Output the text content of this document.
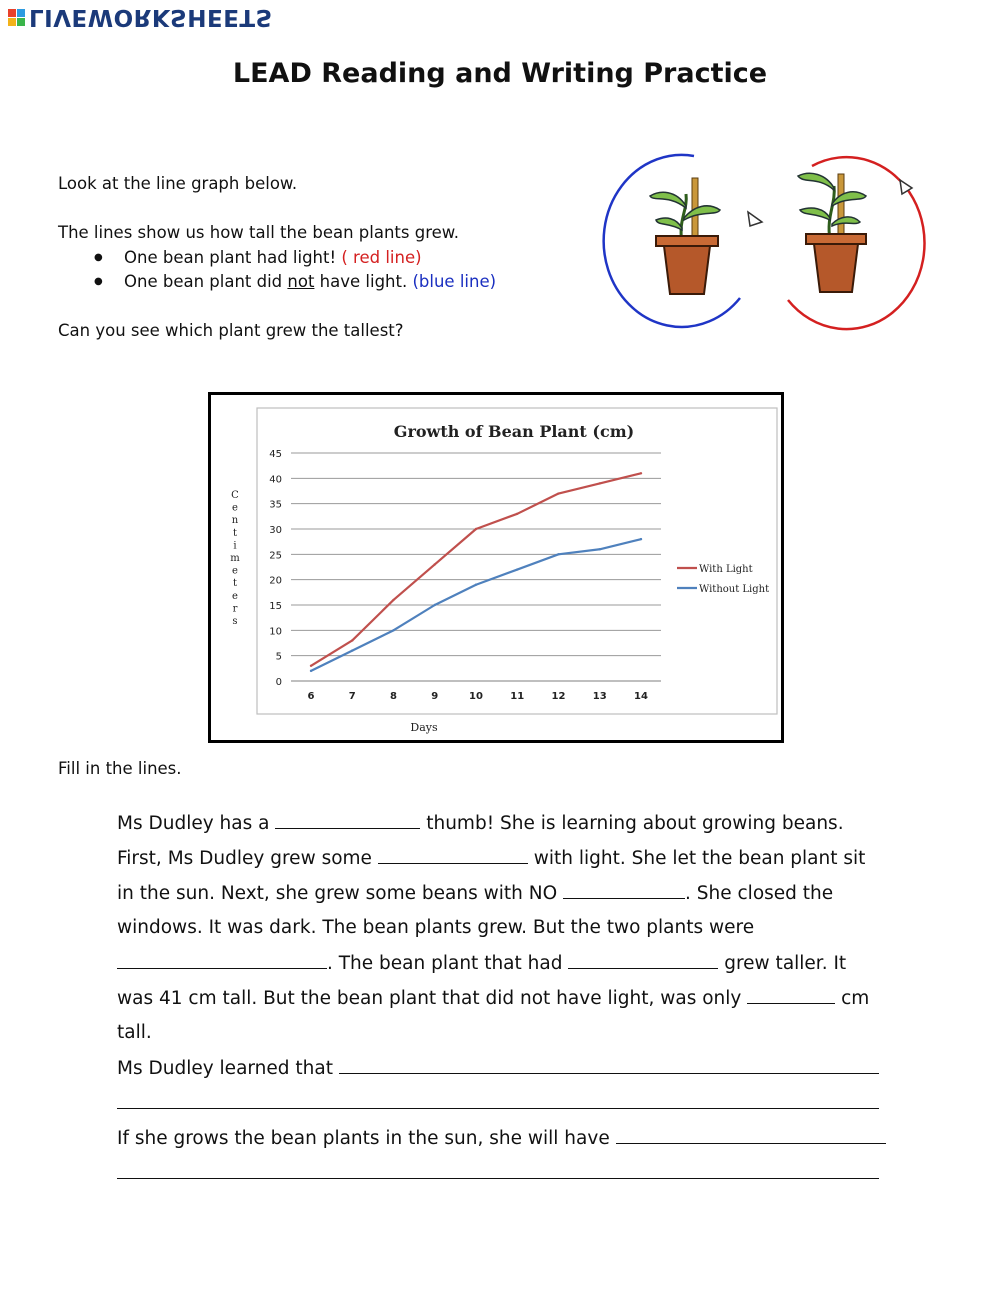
LIVEWORKSHEETS
LEAD Reading and Writing Practice

Look at the line graph below.

The lines show us how tall the bean plants grew.

● One bean plant had light! ( red line)
● One bean plant did not have light. (blue line)

Can you see which plant grew the tallest?

Growth of Bean Plant (cm)
0
5
10
15
20
25
30
35
40
45
6	7	8	9	10	11	12	13	14
C
e
n
t
i
m
e
t
e
r
s
Days
With Light
Without Light
Fill in the lines.
Ms Dudley has a	thumb! She is learning about growing beans.
First, Ms Dudley grew some	with light. She let the bean plant sit
in the sun. Next, she grew some beans with NO	. She closed the
windows. It was dark. The bean plants grew. But the two plants were
. The bean plant that had	grew taller. It
was 41 cm tall. But the bean plant that did not have light, was only	cm
tall.
Ms Dudley learned that
If she grows the bean plants in the sun, she will have
